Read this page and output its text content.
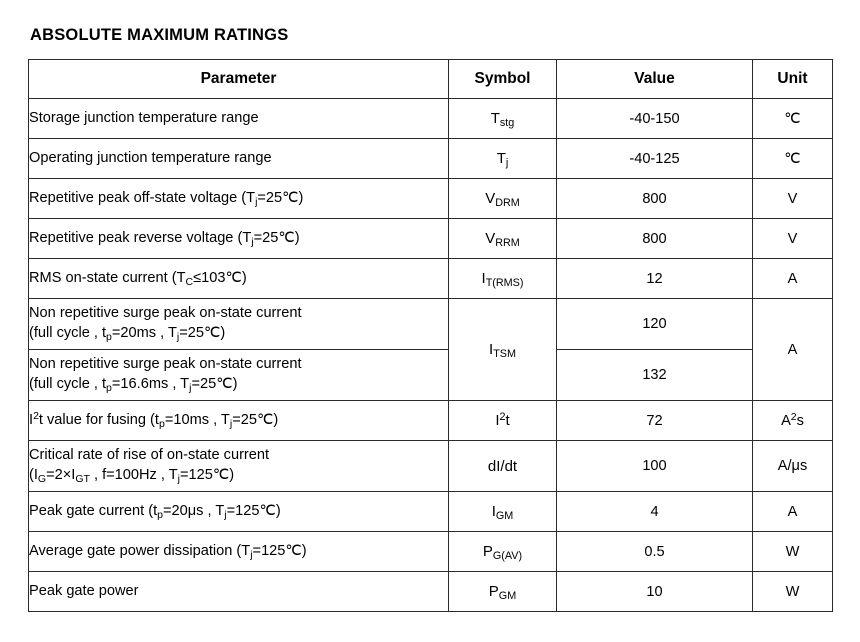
ABSOLUTE MAXIMUM RATINGS
Parameter	Symbol	Value	Unit
Storage junction temperature range	$T_{stg}$	-40-150	℃
Operating junction temperature range	$T_j$	-40-125	℃
Repetitive peak off-state voltage $(T_j=25℃)$	$V_{DRM}$	800	V
Repetitive peak reverse voltage $(T_j=25℃)$	$V_{RRM}$	800	V
RMS on-state current $(T_C\le 103℃)$	$I_{T(RMS)}$	12	A

Non repetitive surge peak on-state current

(full cycle , $t_p=20ms$ , $T_j=25℃$)	$I_{TSM}$	120	A

Non repetitive surge peak on-state current

(full cycle , $t_p=16.6ms$ , $T_j=25℃$)		132	
$I^2t$ value for fusing ($t_p=10ms$ , $T_j=25℃$)	$I^2t$	72	$A^2s$

Critical rate of rise of on-state current

($I_G=2\times I_{GT}$ , f=100Hz , $T_j=125℃$)	dI/dt	100	A/μs
Peak gate current ($t_p=20\mu s$ , $T_j=125℃$)	$I_{GM}$	4	A
Average gate power dissipation $(T_j=125℃)$	$P_{G(AV)}$	0.5	W
Peak gate power	$P_{GM}$	10	W
